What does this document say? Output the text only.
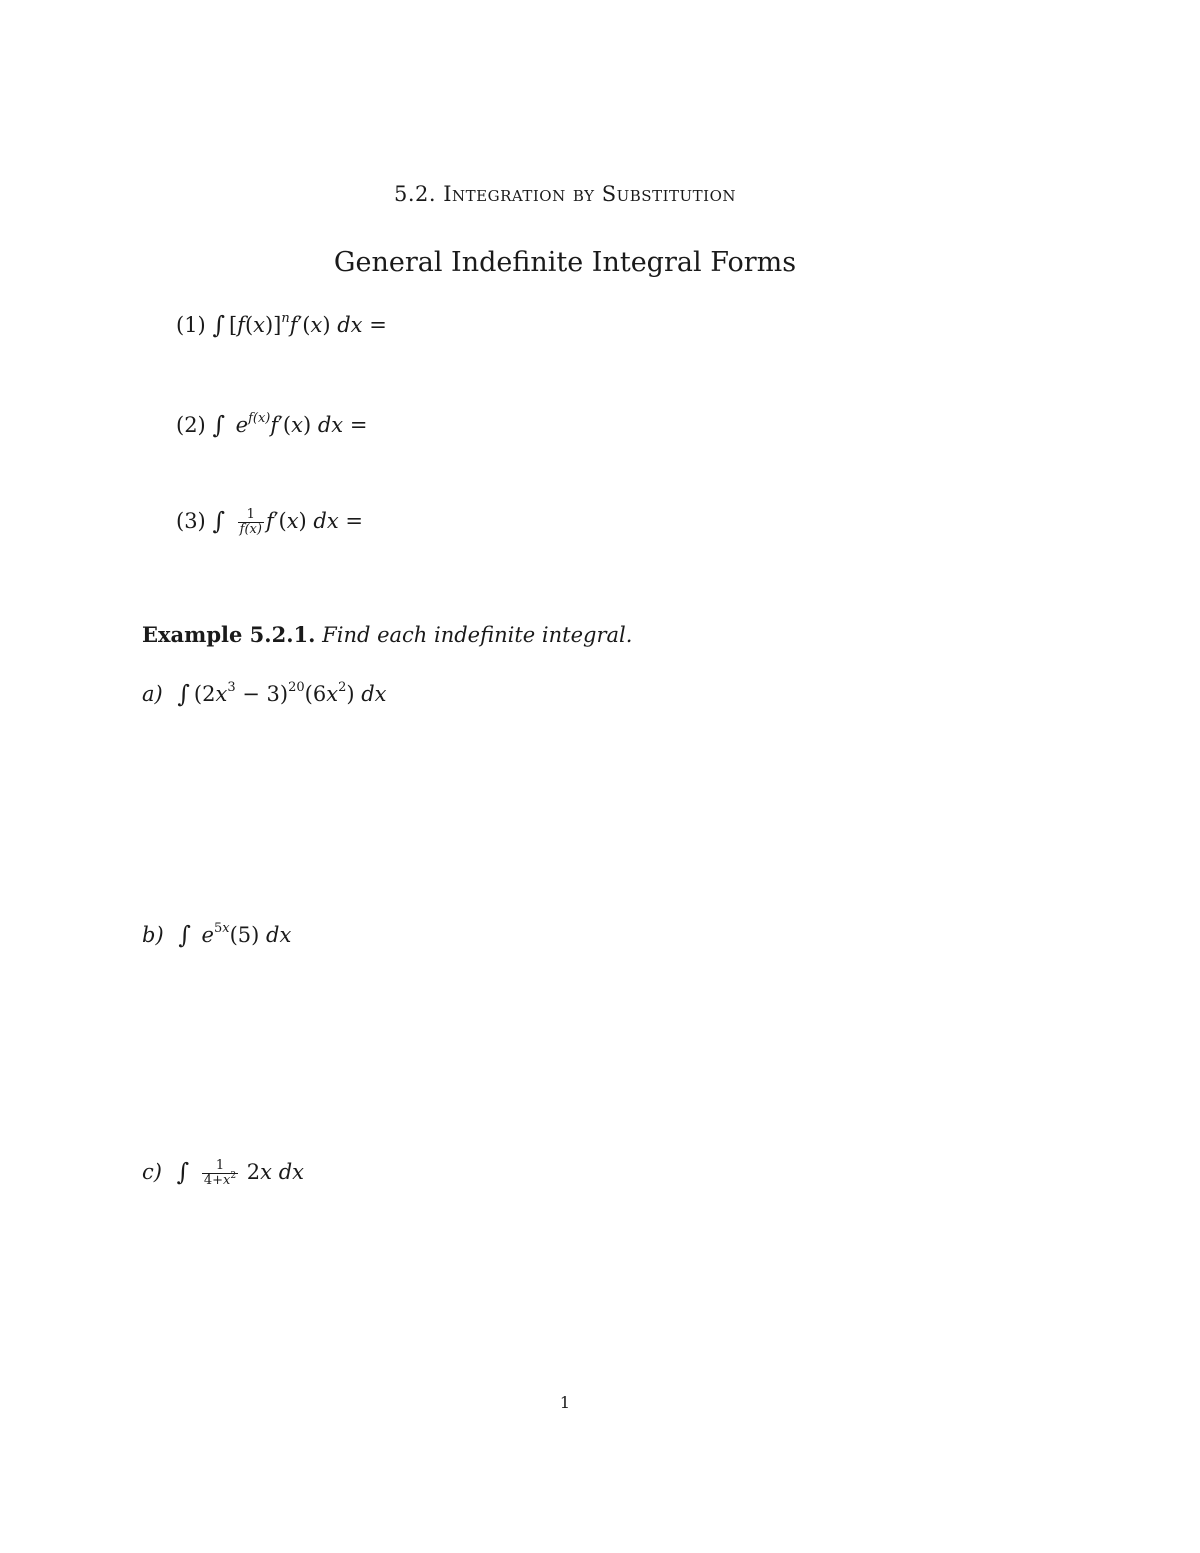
5.2. Integration by Substitution
General Indefinite Integral Forms
(1) ∫ $[f(x)]^nf'(x)$ dx =
(2) ∫ $e^{f(x)}f'(x)$ dx =
(3) ∫ $\frac{1}{f(x)} f'(x)$ dx =
Example 5.2.1. Find each indefinite integral.
a) ∫ $(2x^3 - 3)^{20}(6x^2)$ dx
b) ∫ $e^{5x}(5)$ dx
c) ∫ $\frac{1}{4+x^2} 2x$ dx
1
